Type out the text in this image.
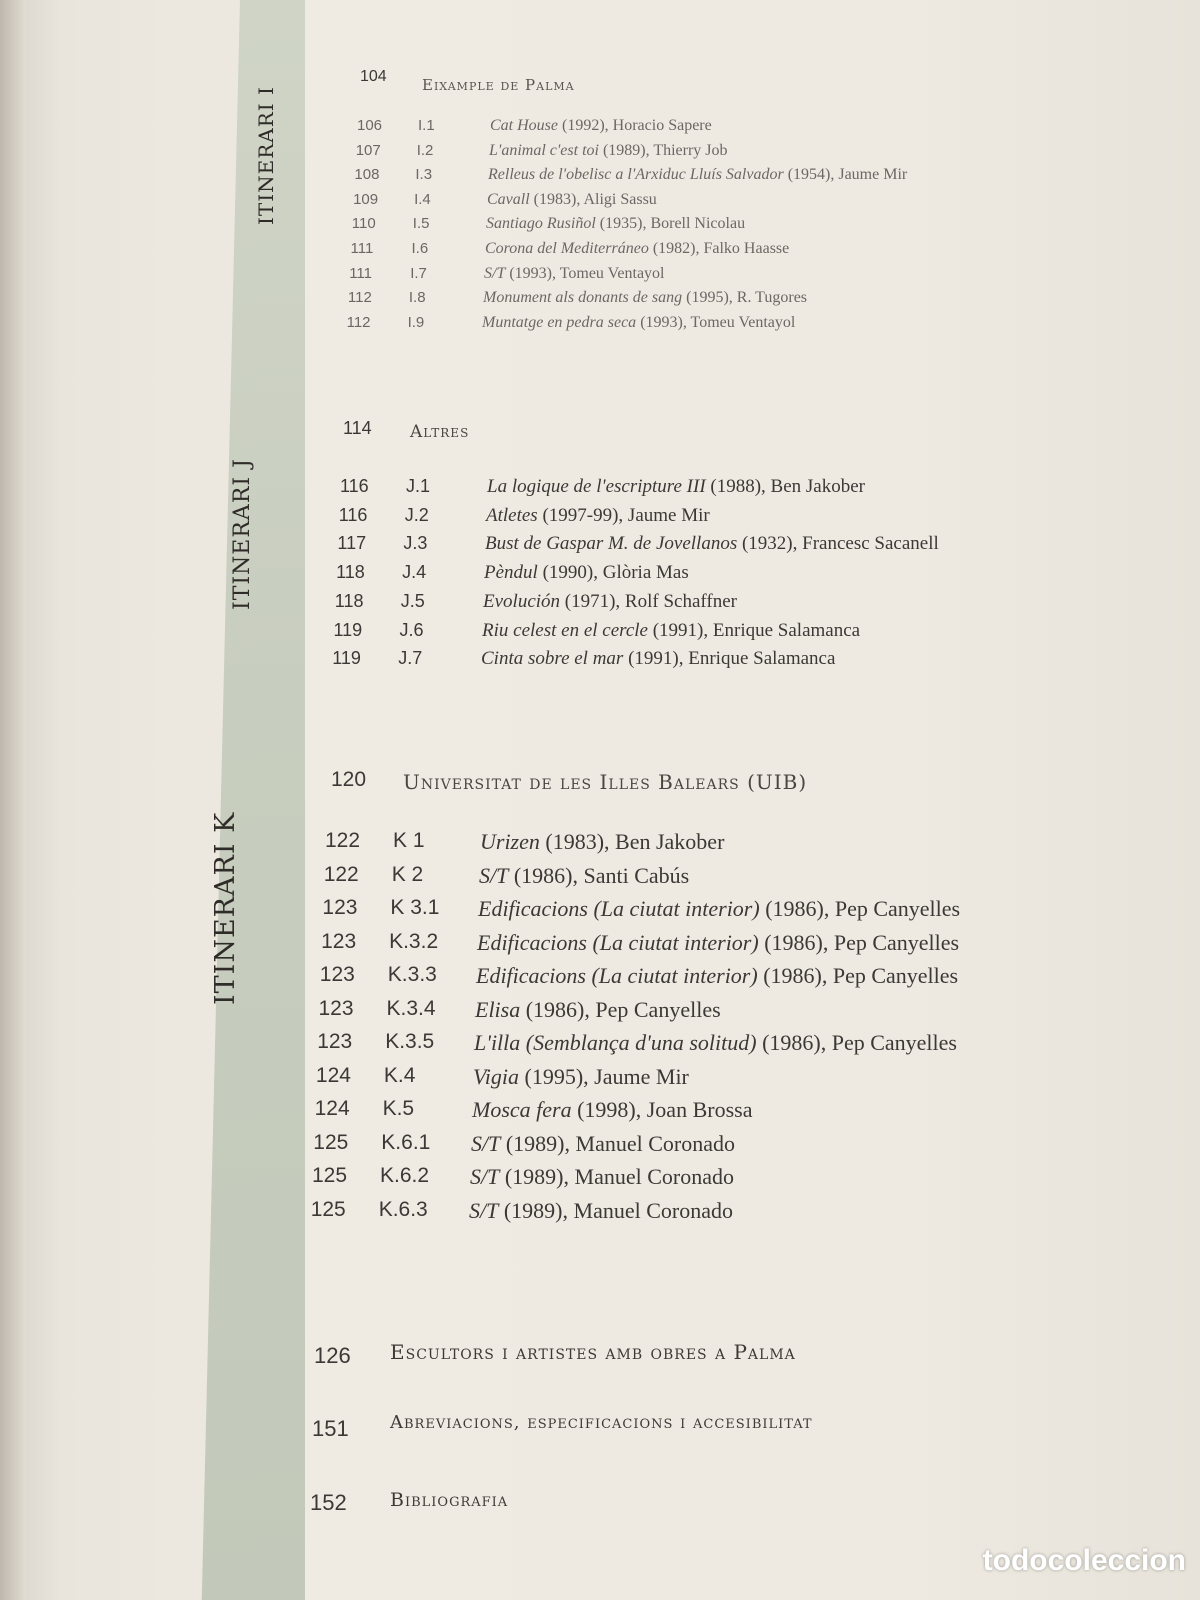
ITINERARI I
ITINERARI J
ITINERARI K
104 Eixample de Palma
106 I.1	Cat House (1992), Horacio Sapere
107 I.2	L'animal c'est toi (1989), Thierry Job
108 I.3	Relleus de l'obelisc a l'Arxiduc Lluís Salvador (1954), Jaume Mir
109 I.4	Cavall (1983), Aligi Sassu
110 I.5	Santiago Rusiñol (1935), Borell Nicolau
111	I.6	Corona del Mediterráneo (1982), Falko Haasse
111	I.7	S/T (1993), Tomeu Ventayol
112 I.8	Monument als donants de sang (1995), R. Tugores
112 I.9	Muntatge en pedra seca (1993), Tomeu Ventayol
114 Altres
116 J.1	La logique de l'escripture III (1988), Ben Jakober
116 J.2	Atletes (1997-99), Jaume Mir
117 J.3	Bust de Gaspar M. de Jovellanos (1932), Francesc Sacanell
118 J.4	Pèndul (1990), Glòria Mas
118 J.5	Evolución (1971), Rolf Schaffner
119 J.6	Riu celest en el cercle (1991), Enrique Salamanca
119 J.7	Cinta sobre el mar (1991), Enrique Salamanca
120 Universitat de les Illes Balears (UIB)
122 K 1	Urizen (1983), Ben Jakober
122 K 2	S/T (1986), Santi Cabús
123 K 3.1 Edificacions (La ciutat interior) (1986), Pep Canyelles
123 K.3.2 Edificacions (La ciutat interior) (1986), Pep Canyelles
123 K.3.3 Edificacions (La ciutat interior) (1986), Pep Canyelles
123 K.3.4 Elisa (1986), Pep Canyelles
123 K.3.5 L'illa (Semblança d'una solitud) (1986), Pep Canyelles
124 K.4	Vigia (1995), Jaume Mir
124 K.5	Mosca fera (1998), Joan Brossa
125 K.6.1 S/T (1989), Manuel Coronado
125 K.6.2 S/T (1989), Manuel Coronado
125 K.6.3 S/T (1989), Manuel Coronado
126 Escultors i artistes amb obres a Palma
151 Abreviacions, especificacions i accesibilitat
152 Bibliografia
todocoleccion
